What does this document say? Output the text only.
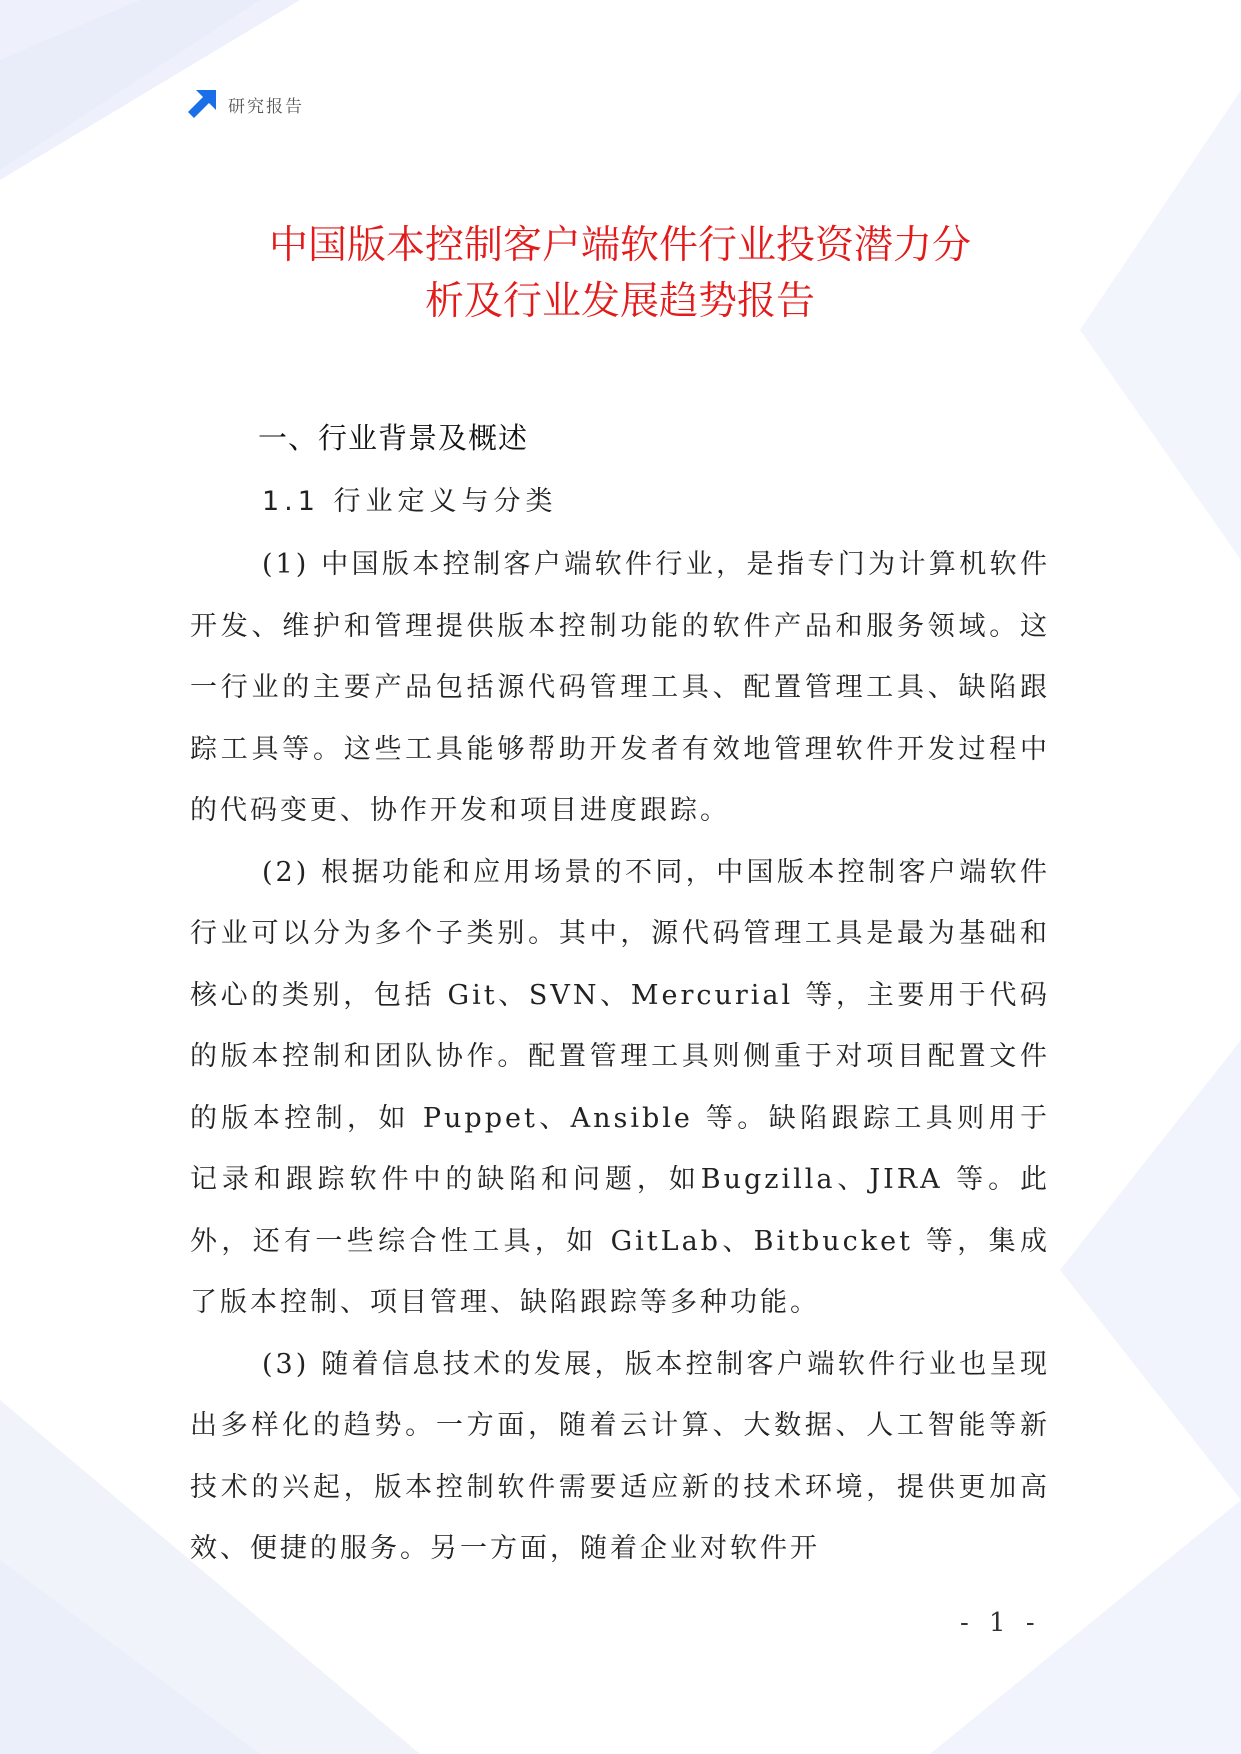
研究报告
中国版本控制客户端软件行业投资潜力分
析及行业发展趋势报告
一、行业背景及概述
1.1 行业定义与分类

(1) 中国版本控制客户端软件行业，是指专门为计算机软件开发、维护和管理提供版本控制功能的软件产品和服务领域。这一行业的主要产品包括源代码管理工具、配置管理工具、缺陷跟踪工具等。这些工具能够帮助开发者有效地管理软件开发过程中的代码变更、协作开发和项目进度跟踪。

(2) 根据功能和应用场景的不同，中国版本控制客户端软件行业可以分为多个子类别。其中，源代码管理工具是最为基础和核心的类别，包括 Git、SVN、Mercurial 等，主要用于代码的版本控制和团队协作。配置管理工具则侧重于对项目配置文件的版本控制，如 Puppet、Ansible 等。缺陷跟踪工具则用于记录和跟踪软件中的缺陷和问题，如Bugzilla、JIRA 等。此外，还有一些综合性工具，如 GitLab、Bitbucket 等，集成了版本控制、项目管理、缺陷跟踪等多种功能。

(3) 随着信息技术的发展，版本控制客户端软件行业也呈现出多样化的趋势。一方面，随着云计算、大数据、人工智能等新技术的兴起，版本控制软件需要适应新的技术环境，提供更加高效、便捷的服务。另一方面，随着企业对软件开

- 1 -
